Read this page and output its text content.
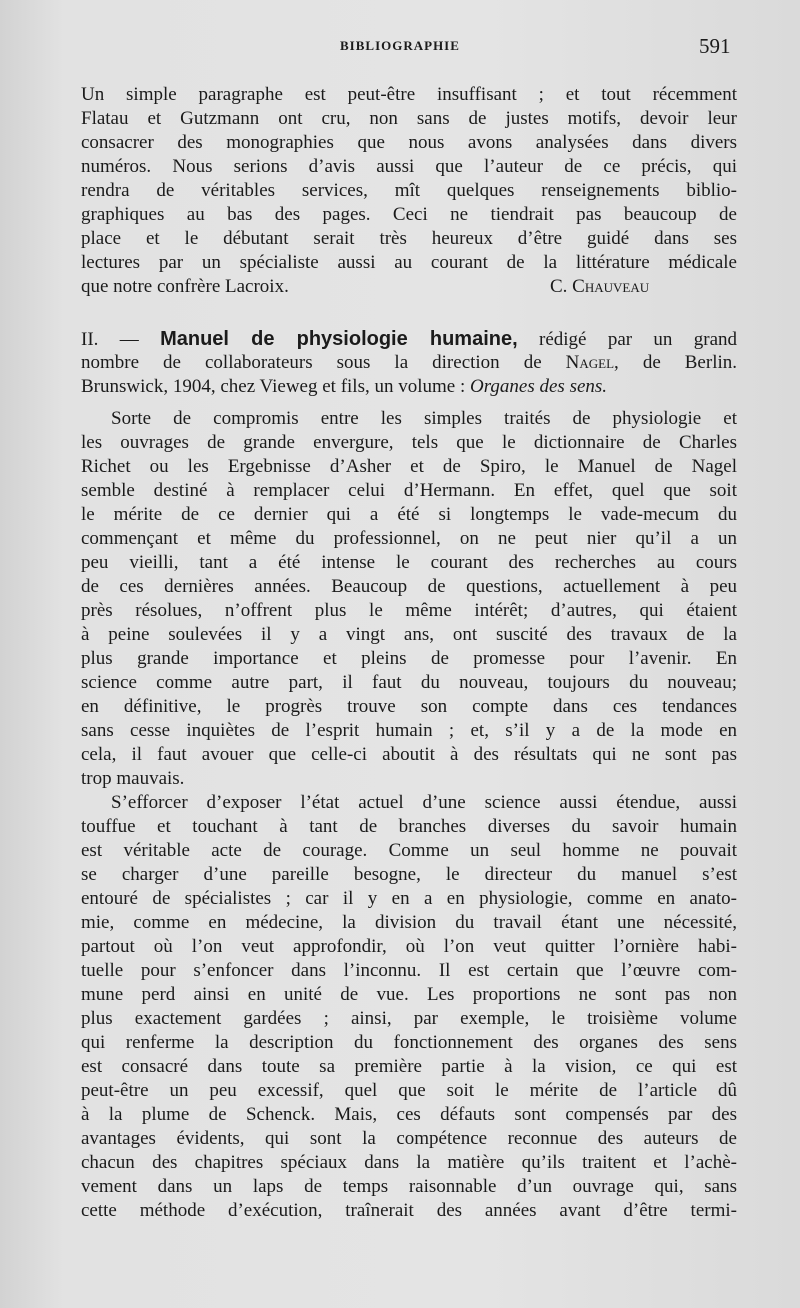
BIBLIOGRAPHIE	591
Un simple paragraphe est peut-être insuffisant ; et tout récemment
Flatau et Gutzmann ont cru, non sans de justes motifs, devoir leur
consacrer des monographies que nous avons analysées dans divers
numéros. Nous serions d’avis aussi que l’auteur de ce précis, qui
rendra de véritables services, mît quelques renseignements biblio-
graphiques au bas des pages. Ceci ne tiendrait pas beaucoup de
place et le débutant serait très heureux d’être guidé dans ses
lectures par un spécialiste aussi au courant de la littérature médicale
que notre confrère Lacroix.	C. Chauveau
II. — Manuel de physiologie humaine, rédigé par un grand
nombre de collaborateurs sous la direction de Nagel, de Berlin.
Brunswick, 1904, chez Vieweg et fils, un volume : Organes des sens.
Sorte de compromis entre les simples traités de physiologie et
les ouvrages de grande envergure, tels que le dictionnaire de Charles
Richet ou les Ergebnisse d’Asher et de Spiro, le Manuel de Nagel
semble destiné à remplacer celui d’Hermann. En effet, quel que soit
le mérite de ce dernier qui a été si longtemps le vade-mecum du
commençant et même du professionnel, on ne peut nier qu’il a un
peu vieilli, tant a été intense le courant des recherches au cours
de ces dernières années. Beaucoup de questions, actuellement à peu
près résolues, n’offrent plus le même intérêt; d’autres, qui étaient
à peine soulevées il y a vingt ans, ont suscité des travaux de la
plus grande importance et pleins de promesse pour l’avenir. En
science comme autre part, il faut du nouveau, toujours du nouveau;
en définitive, le progrès trouve son compte dans ces tendances
sans cesse inquiètes de l’esprit humain ; et, s’il y a de la mode en
cela, il faut avouer que celle-ci aboutit à des résultats qui ne sont pas
trop mauvais.
S’efforcer d’exposer l’état actuel d’une science aussi étendue, aussi
touffue et touchant à tant de branches diverses du savoir humain
est véritable acte de courage. Comme un seul homme ne pouvait
se charger d’une pareille besogne, le directeur du manuel s’est
entouré de spécialistes ; car il y en a en physiologie, comme en anato-
mie, comme en médecine, la division du travail étant une nécessité,
partout où l’on veut approfondir, où l’on veut quitter l’ornière habi-
tuelle pour s’enfoncer dans l’inconnu. Il est certain que l’œuvre com-
mune perd ainsi en unité de vue. Les proportions ne sont pas non
plus exactement gardées ; ainsi, par exemple, le troisième volume
qui renferme la description du fonctionnement des organes des sens
est consacré dans toute sa première partie à la vision, ce qui est
peut-être un peu excessif, quel que soit le mérite de l’article dû
à la plume de Schenck. Mais, ces défauts sont compensés par des
avantages évidents, qui sont la compétence reconnue des auteurs de
chacun des chapitres spéciaux dans la matière qu’ils traitent et l’achè-
vement dans un laps de temps raisonnable d’un ouvrage qui, sans
cette méthode d’exécution, traînerait des années avant d’être termi-
